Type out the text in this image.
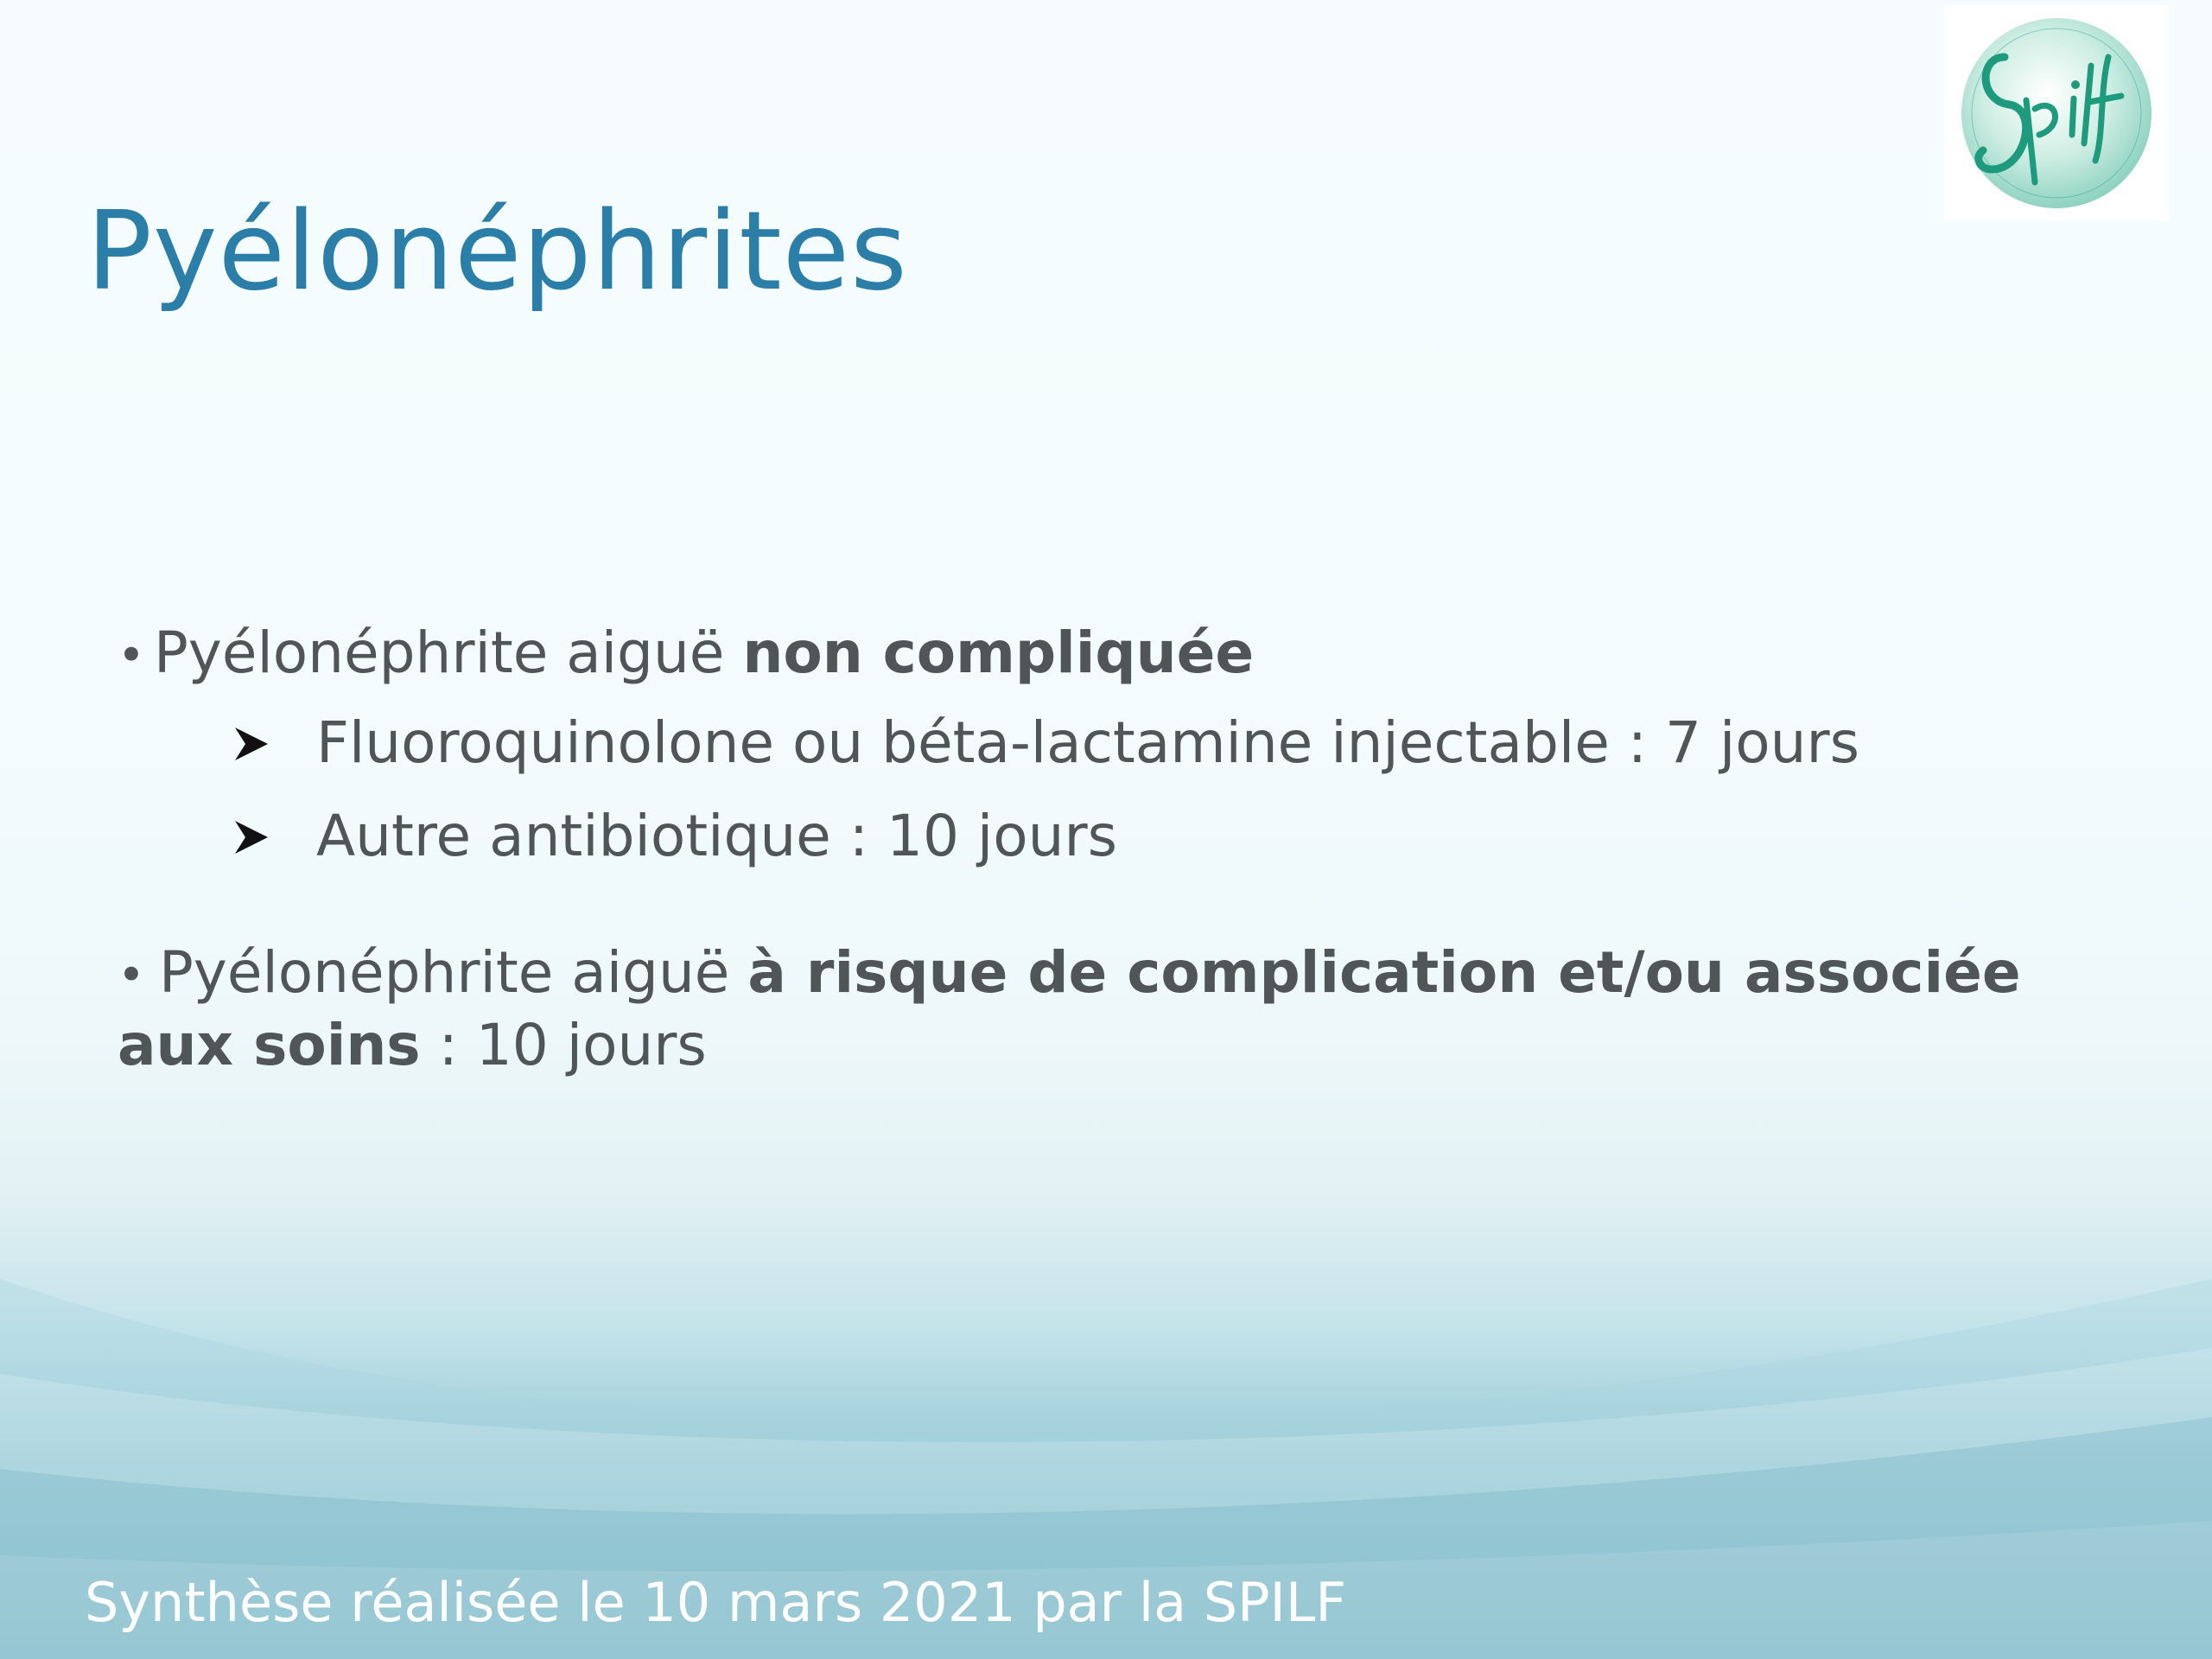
Pyélonéphrites
• Pyélonéphrite aiguë non compliquée
Fluoroquinolone ou béta-lactamine injectable : 7 jours
Autre antibiotique : 10 jours
• Pyélonéphrite aiguë à risque de complication et/ou associée
aux soins : 10 jours
Synthèse réalisée le 10 mars 2021 par la SPILF
